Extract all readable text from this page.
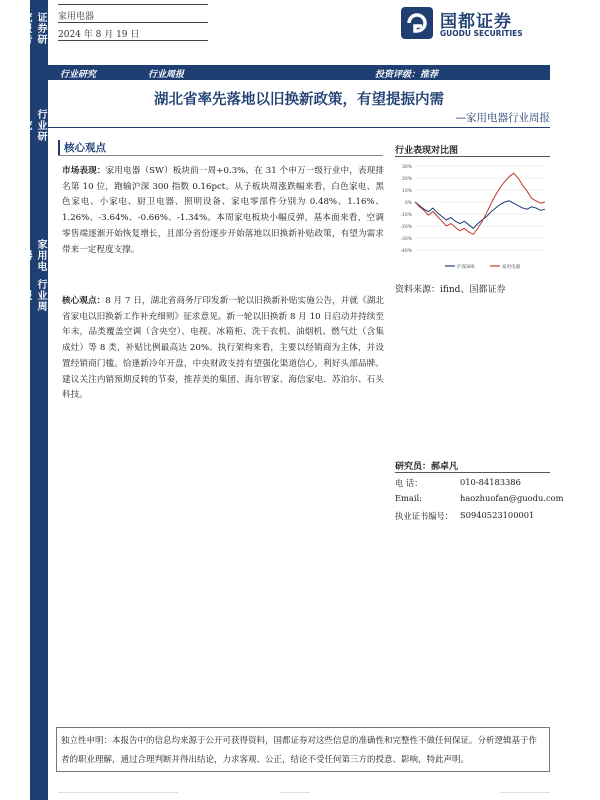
证券研究报告
行业研究
家用电器
行业周报
家用电器
2024 年 8 月 19 日
国都证券
GUODU SECURITIES
行业研究	行业周报	投资评级：推荐
湖北省率先落地以旧换新政策，有望提振内需
—家用电器行业周报
核心观点

市场表现：家用电器（SW）板块前一周+0.3%，在 31 个申万一级行业中，表现排名第 10 位，跑输沪深 300 指数 0.16pct。从子板块周涨跌幅来看，白色家电、黑色家电、小家电、厨卫电器、照明设备、家电零部件分别为 0.48%、1.16%、1.26%、-3.64%、-0.66%、-1.34%。本周家电板块小幅反弹，基本面来看，空调零售端逐渐开始恢复增长，且部分省份逐步开始落地以旧换新补贴政策，有望为需求带来一定程度支撑。

核心观点：8 月 7 日，湖北省商务厅印发新一轮以旧换新补贴实施公告，并就《湖北省家电以旧换新工作补充细则》征求意见。新一轮以旧换新 8 月 10 日启动并持续至年末，品类覆盖空调（含央空）、电视、冰箱柜、洗干衣机、油烟机、燃气灶（含集成灶）等 8 类，补贴比例最高达 20%。执行架构来看，主要以经销商为主体，并设置经销商门槛。恰逢新冷年开盘，中央财政支持有望强化渠道信心，利好头部品牌。建议关注内销预期反转的节奏，推荐美的集团、海尔智家、海信家电、苏泊尔、石头科技。

行业表现对比图
30%
20%
10%
0%
-10%
-20%
-30%
-40%
沪深300	家用电器
资料来源：ifind、国都证券
研究员：郝卓凡
电 话：	010-84183386
Email:	haozhuofan@guodu.com
执业证书编号： S0940523100001

独立性申明：本报告中的信息均来源于公开可获得资料，国都证券对这些信息的准确性和完整性不做任何保证。分析逻辑基于作者的职业理解，通过合理判断并得出结论，力求客观、公正，结论不受任何第三方的授意、影响，特此声明。
